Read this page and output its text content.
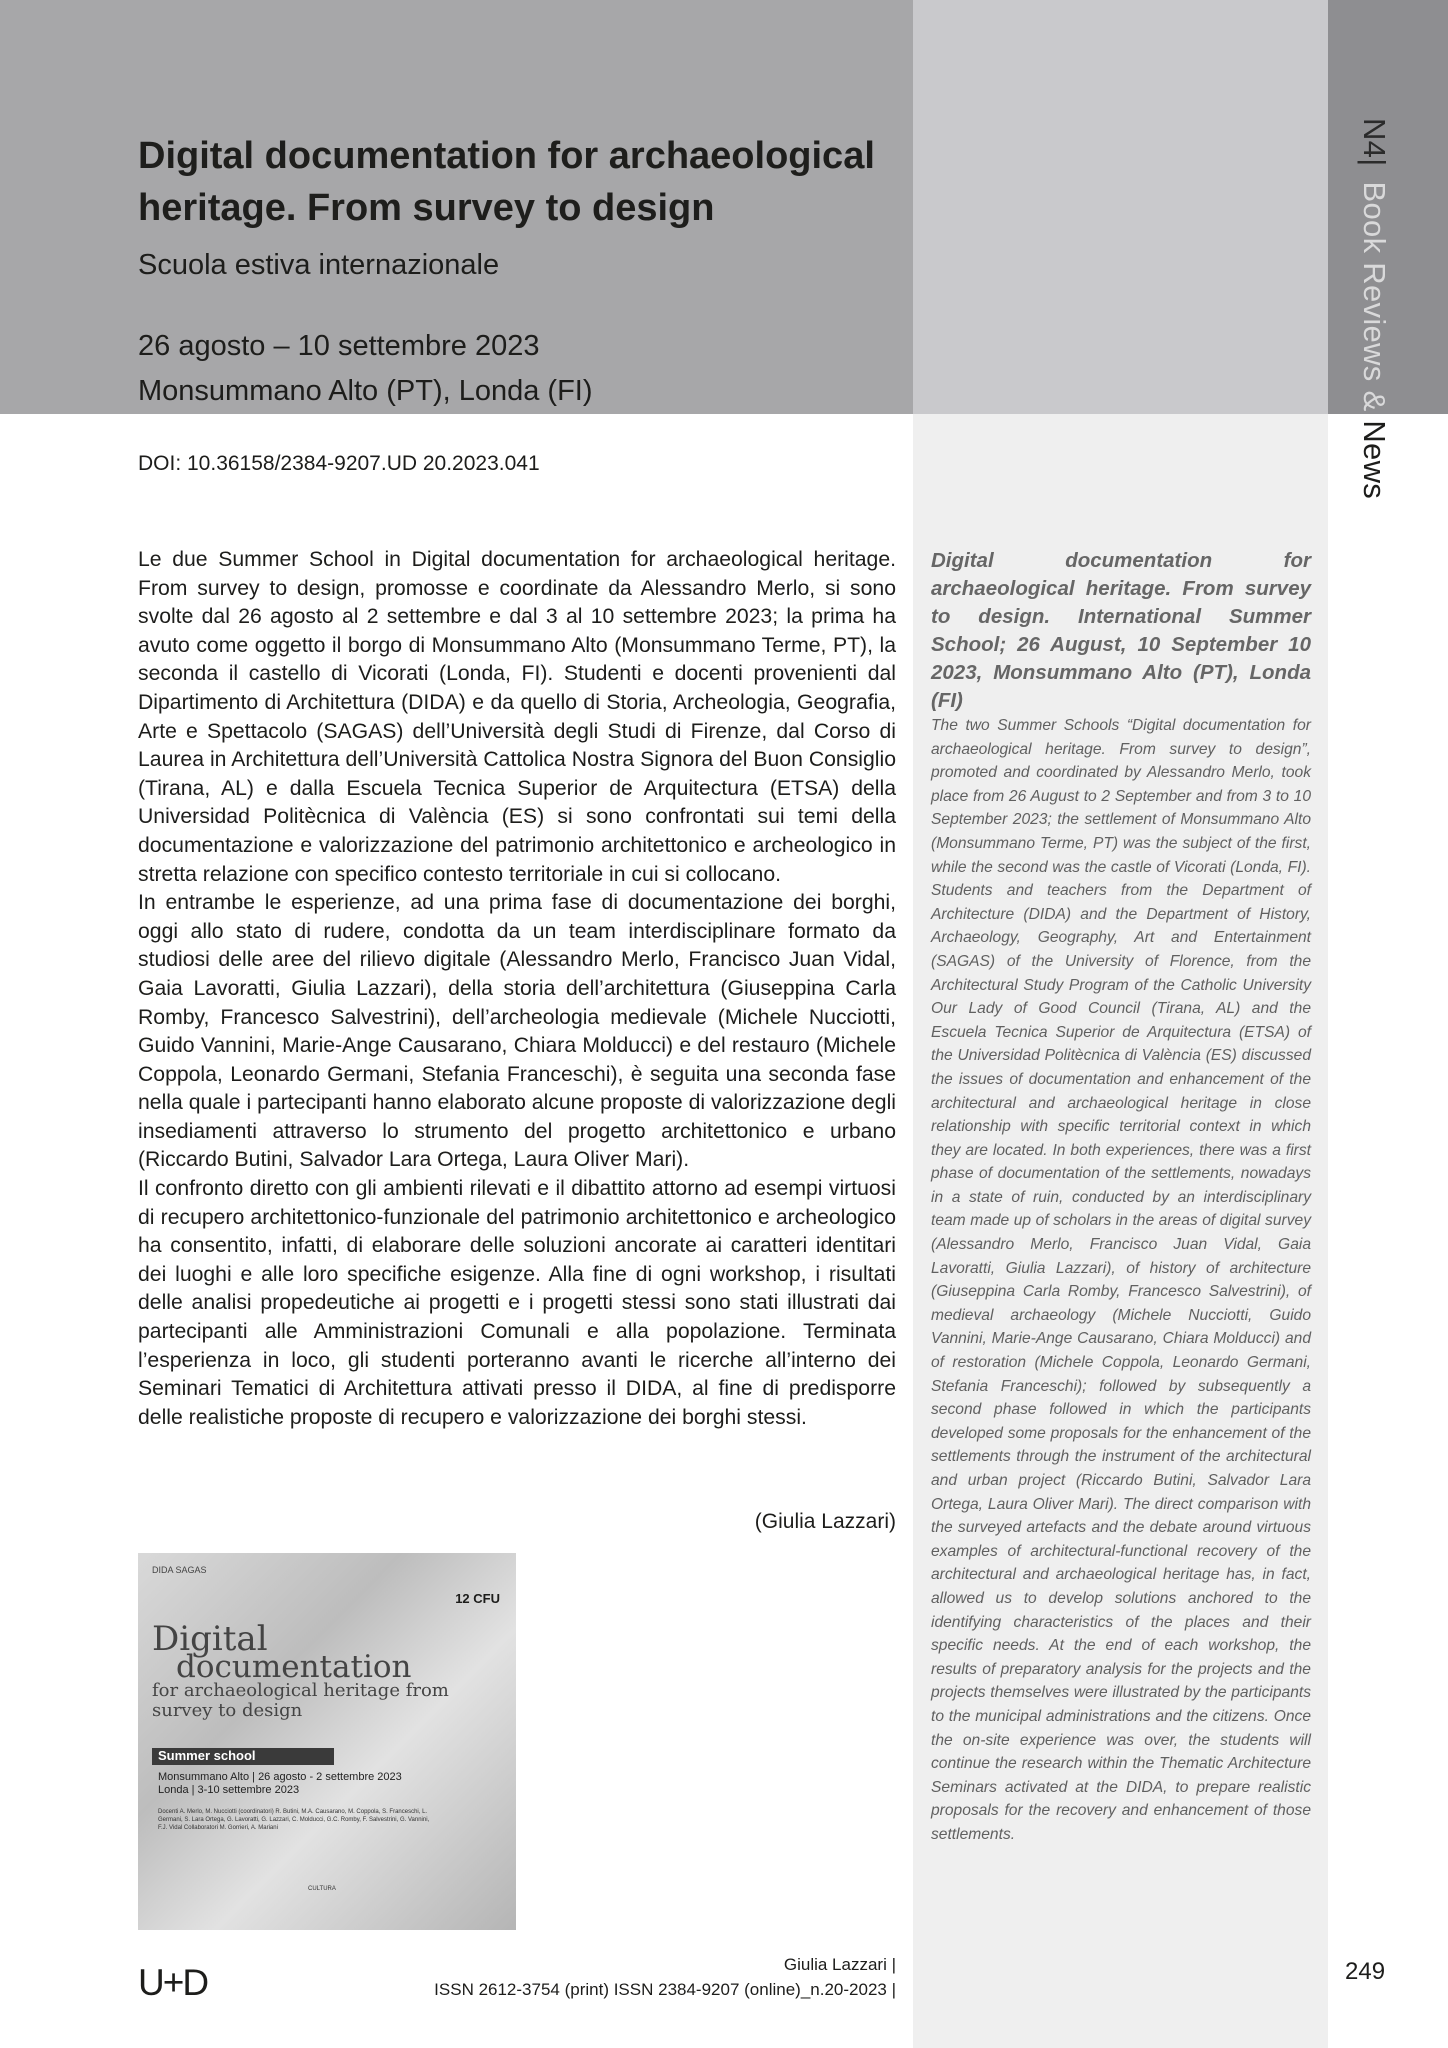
N4| Book Reviews & News
Digital documentation for archaeological heritage. From survey to design

Scuola estiva internazionale

26 agosto – 10 settembre 2023
Monsummano Alto (PT), Londa (FI)
DOI: 10.36158/2384-9207.UD 20.2023.041

Le due Summer School in Digital documentation for archaeological heritage. From survey to design, promosse e coordinate da Alessandro Merlo, si sono svolte dal 26 agosto al 2 settembre e dal 3 al 10 settembre 2023; la prima ha avuto come oggetto il borgo di Monsummano Alto (Monsummano Terme, PT), la seconda il castello di Vicorati (Londa, FI). Studenti e docenti provenienti dal Dipartimento di Architettura (DIDA) e da quello di Storia, Archeologia, Geografia, Arte e Spettacolo (SAGAS) dell’Università degli Studi di Firenze, dal Corso di Laurea in Architettura dell’Università Cattolica Nostra Signora del Buon Consiglio (Tirana, AL) e dalla Escuela Tecnica Superior de Arquitectura (ETSA) della Universidad Politècnica di València (ES) si sono confrontati sui temi della documentazione e valorizzazione del patrimonio architettonico e archeologico in stretta relazione con specifico contesto territoriale in cui si collocano.

In entrambe le esperienze, ad una prima fase di documentazione dei borghi, oggi allo stato di rudere, condotta da un team interdisciplinare formato da studiosi delle aree del rilievo digitale (Alessandro Merlo, Francisco Juan Vidal, Gaia Lavoratti, Giulia Lazzari), della storia dell’architettura (Giuseppina Carla Romby, Francesco Salvestrini), dell’archeologia medievale (Michele Nucciotti, Guido Vannini, Marie-Ange Causarano, Chiara Molducci) e del restauro (Michele Coppola, Leonardo Germani, Stefania Franceschi), è seguita una seconda fase nella quale i partecipanti hanno elaborato alcune proposte di valorizzazione degli insediamenti attraverso lo strumento del progetto architettonico e urbano (Riccardo Butini, Salvador Lara Ortega, Laura Oliver Mari).

Il confronto diretto con gli ambienti rilevati e il dibattito attorno ad esempi virtuosi di recupero architettonico-funzionale del patrimonio architettonico e archeologico ha consentito, infatti, di elaborare delle soluzioni ancorate ai caratteri identitari dei luoghi e alle loro specifiche esigenze. Alla fine di ogni workshop, i risultati delle analisi propedeutiche ai progetti e i progetti stessi sono stati illustrati dai partecipanti alle Amministrazioni Comunali e alla popolazione. Terminata l’esperienza in loco, gli studenti porteranno avanti le ricerche all’interno dei Seminari Tematici di Architettura attivati presso il DIDA, al fine di predisporre delle realistiche proposte di recupero e valorizzazione dei borghi stessi.

(Giulia Lazzari)
DIDA SAGAS
12 CFU
Digital
documentation
for archaeological heritage from survey to design
Summer school
Monsummano Alto | 26 agosto - 2 settembre 2023
Londa | 3-10 settembre 2023
Docenti A. Merlo, M. Nucciotti (coordinatori) R. Butini, M.A. Causarano, M. Coppola, S. Franceschi, L. Germani, S. Lara Ortega, G. Lavoratti, G. Lazzari, C. Molducci, G.C. Romby, F. Salvestrini, G. Vannini, F.J. Vidal Collaboratori M. Gorrieri, A. Mariani
CULTURA

Digital documentation for archaeological heritage. From survey to design. International Summer School; 26 August, 10 September 10 2023, Monsummano Alto (PT), Londa (FI)

The two Summer Schools “Digital documentation for archaeological heritage. From survey to design”, promoted and coordinated by Alessandro Merlo, took place from 26 August to 2 September and from 3 to 10 September 2023; the settlement of Monsummano Alto (Monsummano Terme, PT) was the subject of the first, while the second was the castle of Vicorati (Londa, FI). Students and teachers from the Department of Architecture (DIDA) and the Department of History, Archaeology, Geography, Art and Entertainment (SAGAS) of the University of Florence, from the Architectural Study Program of the Catholic University Our Lady of Good Council (Tirana, AL) and the Escuela Tecnica Superior de Arquitectura (ETSA) of the Universidad Politècnica di València (ES) discussed the issues of documentation and enhancement of the architectural and archaeological heritage in close relationship with specific territorial context in which they are located. In both experiences, there was a first phase of documentation of the settlements, nowadays in a state of ruin, conducted by an interdisciplinary team made up of scholars in the areas of digital survey (Alessandro Merlo, Francisco Juan Vidal, Gaia Lavoratti, Giulia Lazzari), of history of architecture (Giuseppina Carla Romby, Francesco Salvestrini), of medieval archaeology (Michele Nucciotti, Guido Vannini, Marie-Ange Causarano, Chiara Molducci) and of restoration (Michele Coppola, Leonardo Germani, Stefania Franceschi); followed by subsequently a second phase followed in which the participants developed some proposals for the enhancement of the settlements through the instrument of the architectural and urban project (Riccardo Butini, Salvador Lara Ortega, Laura Oliver Mari). The direct comparison with the surveyed artefacts and the debate around virtuous examples of architectural-functional recovery of the architectural and archaeological heritage has, in fact, allowed us to develop solutions anchored to the identifying characteristics of the places and their specific needs. At the end of each workshop, the results of preparatory analysis for the projects and the projects themselves were illustrated by the participants to the municipal administrations and the citizens. Once the on-site experience was over, the students will continue the research within the Thematic Architecture Seminars activated at the DIDA, to prepare realistic proposals for the recovery and enhancement of those settlements.

U+D	Giulia Lazzari |
ISSN 2612-3754 (print) ISSN 2384-9207 (online)_n.20-2023 |
249
